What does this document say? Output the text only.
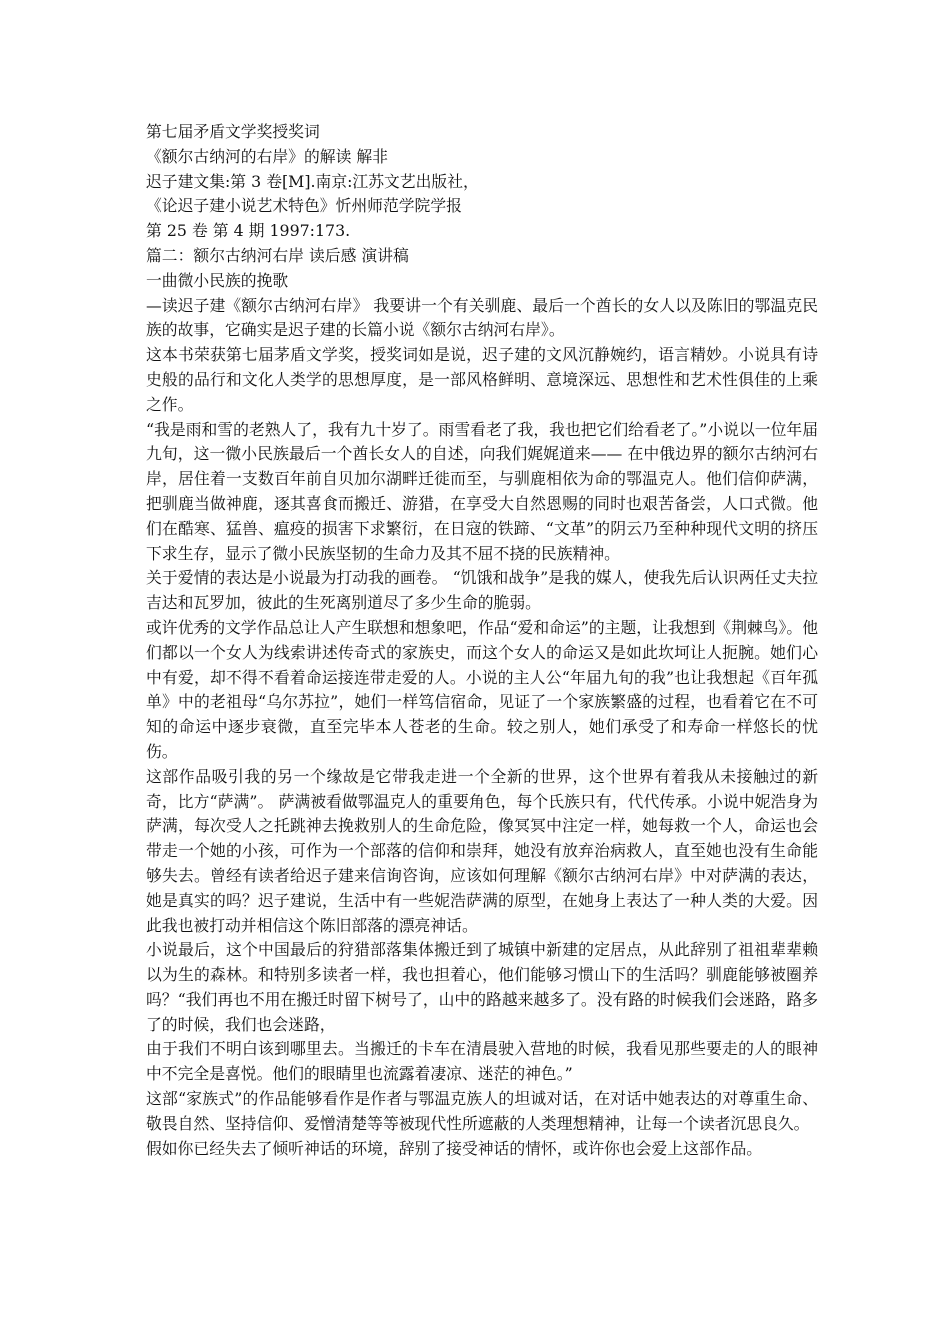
第七届矛盾文学奖授奖词
《额尔古纳河的右岸》的解读 解非
迟子建文集:第 3 卷[M].南京:江苏文艺出版社，
《论迟子建小说艺术特色》忻州师范学院学报
第 25 卷 第 4 期 1997:173.
篇二：额尔古纳河右岸 读后感 演讲稿
一曲微小民族的挽歌

—读迟子建《额尔古纳河右岸》 我要讲一个有关驯鹿、最后一个酋长的女人以及陈旧的鄂温克民族的故事，它确实是迟子建的长篇小说《额尔古纳河右岸》。

这本书荣获第七届茅盾文学奖，授奖词如是说，迟子建的文风沉静婉约，语言精妙。小说具有诗史般的品行和文化人类学的思想厚度，是一部风格鲜明、意境深远、思想性和艺术性俱佳的上乘之作。

“我是雨和雪的老熟人了，我有九十岁了。雨雪看老了我，我也把它们给看老了。”小说以一位年届九旬，这一微小民族最后一个酋长女人的自述，向我们娓娓道来—— 在中俄边界的额尔古纳河右岸，居住着一支数百年前自贝加尔湖畔迁徙而至，与驯鹿相依为命的鄂温克人。他们信仰萨满，把驯鹿当做神鹿，逐其喜食而搬迁、游猎，在享受大自然恩赐的同时也艰苦备尝，人口式微。他们在酷寒、猛兽、瘟疫的损害下求繁衍，在日寇的铁蹄、“文革”的阴云乃至种种现代文明的挤压下求生存，显示了微小民族坚韧的生命力及其不屈不挠的民族精神。

关于爱情的表达是小说最为打动我的画卷。 “饥饿和战争”是我的媒人，使我先后认识两任丈夫拉吉达和瓦罗加，彼此的生死离别道尽了多少生命的脆弱。

或许优秀的文学作品总让人产生联想和想象吧，作品“爱和命运”的主题，让我想到《荆棘鸟》。他们都以一个女人为线索讲述传奇式的家族史，而这个女人的命运又是如此坎坷让人扼腕。她们心中有爱，却不得不看着命运接连带走爱的人。小说的主人公“年届九旬的我”也让我想起《百年孤单》中的老祖母“乌尔苏拉”，她们一样笃信宿命，见证了一个家族繁盛的过程，也看着它在不可知的命运中逐步衰微，直至完毕本人苍老的生命。较之别人，她们承受了和寿命一样悠长的忧伤。

这部作品吸引我的另一个缘故是它带我走进一个全新的世界，这个世界有着我从未接触过的新奇，比方“萨满”。 萨满被看做鄂温克人的重要角色，每个氏族只有，代代传承。小说中妮浩身为萨满，每次受人之托跳神去挽救别人的生命危险，像冥冥中注定一样，她每救一个人，命运也会带走一个她的小孩，可作为一个部落的信仰和崇拜，她没有放弃治病救人，直至她也没有生命能够失去。曾经有读者给迟子建来信询咨询，应该如何理解《额尔古纳河右岸》中对萨满的表达，她是真实的吗？迟子建说，生活中有一些妮浩萨满的原型，在她身上表达了一种人类的大爱。因此我也被打动并相信这个陈旧部落的漂亮神话。

小说最后，这个中国最后的狩猎部落集体搬迁到了城镇中新建的定居点，从此辞别了祖祖辈辈赖以为生的森林。和特别多读者一样，我也担着心，他们能够习惯山下的生活吗？驯鹿能够被圈养吗？“我们再也不用在搬迁时留下树号了，山中的路越来越多了。没有路的时候我们会迷路，路多了的时候，我们也会迷路，

由于我们不明白该到哪里去。当搬迁的卡车在清晨驶入营地的时候，我看见那些要走的人的眼神中不完全是喜悦。他们的眼睛里也流露着凄凉、迷茫的神色。”

这部“家族式”的作品能够看作是作者与鄂温克族人的坦诚对话，在对话中她表达的对尊重生命、敬畏自然、坚持信仰、爱憎清楚等等被现代性所遮蔽的人类理想精神，让每一个读者沉思良久。

假如你已经失去了倾听神话的环境，辞别了接受神话的情怀，或许你也会爱上这部作品。
